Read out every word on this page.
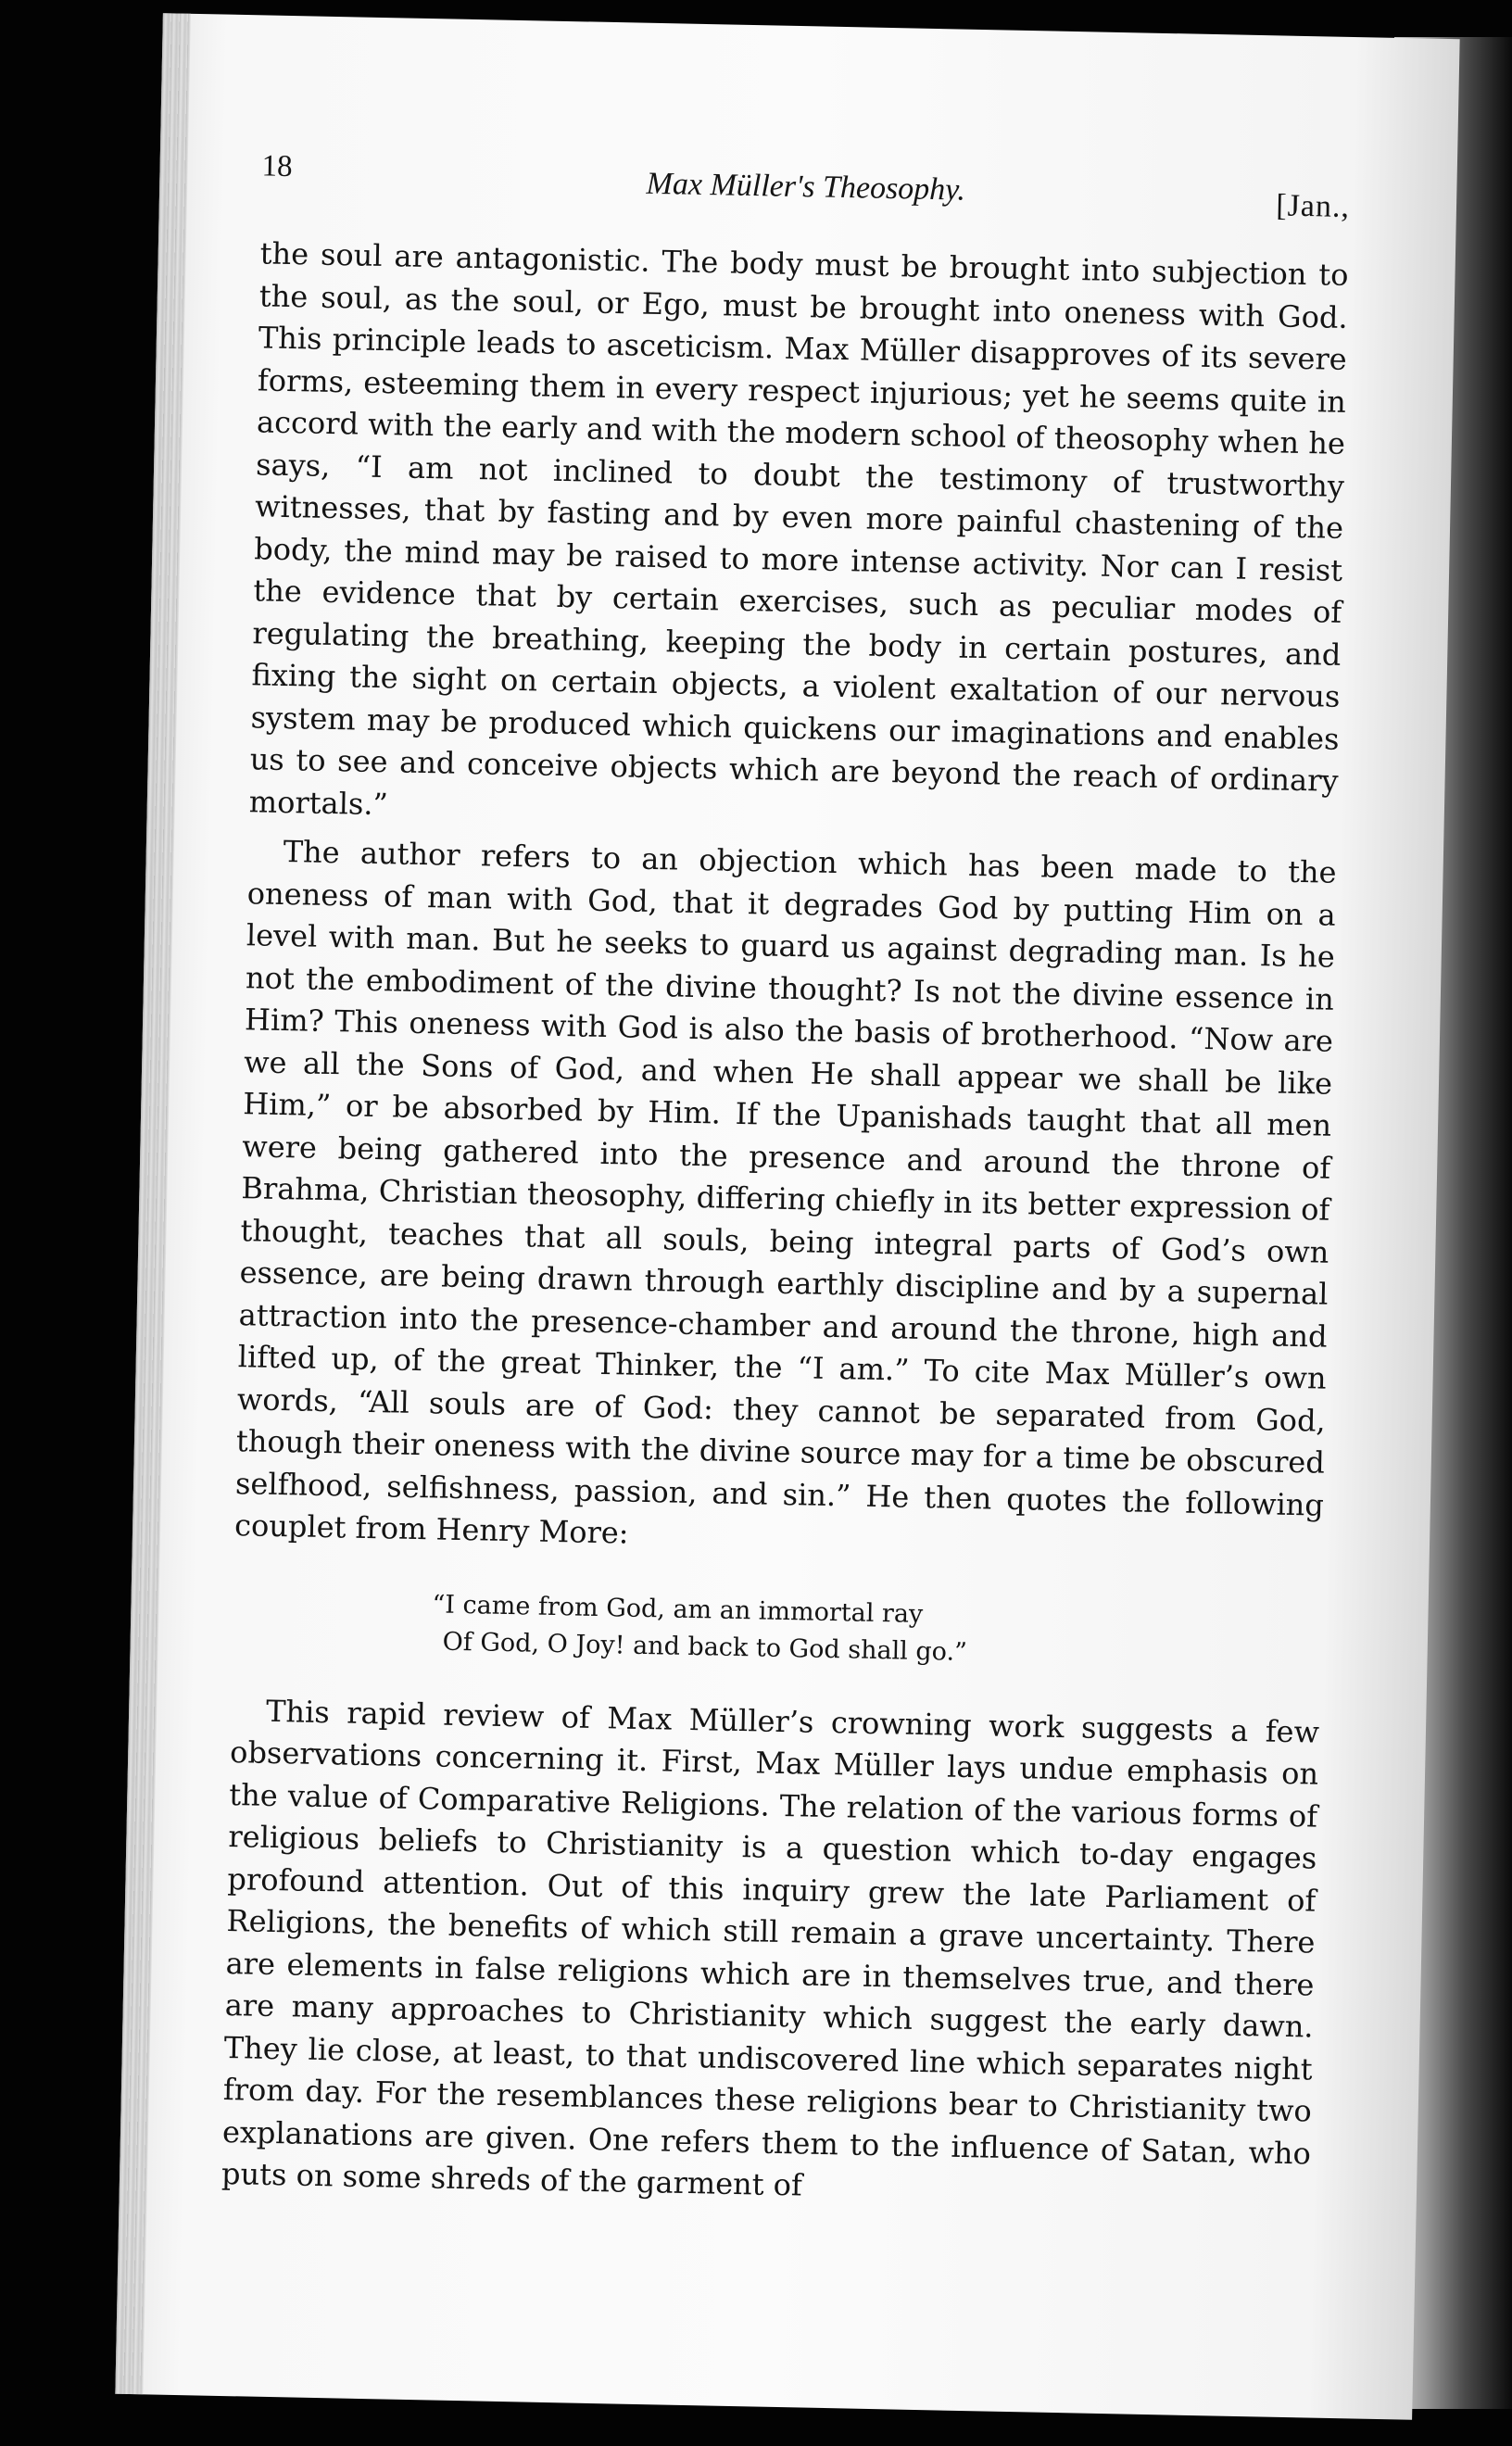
18
Max Müller's Theosophy.	[Jan.,

the soul are antagonistic. The body must be brought into subjection to the soul, as the soul, or Ego, must be brought into oneness with God. This principle leads to asceticism. Max Müller disapproves of its severe forms, esteeming them in every respect injurious; yet he seems quite in accord with the early and with the modern school of theosophy when he says, “I am not inclined to doubt the testimony of trustworthy witnesses, that by fasting and by even more painful chastening of the body, the mind may be raised to more intense activity. Nor can I resist the evidence that by certain exercises, such as peculiar modes of regulating the breathing, keeping the body in certain postures, and fixing the sight on certain objects, a violent exaltation of our nervous system may be produced which quickens our imaginations and enables us to see and conceive objects which are beyond the reach of ordinary mortals.”

The author refers to an objection which has been made to the oneness of man with God, that it degrades God by putting Him on a level with man. But he seeks to guard us against degrading man. Is he not the embodiment of the divine thought? Is not the divine essence in Him? This oneness with God is also the basis of brotherhood. “Now are we all the Sons of God, and when He shall appear we shall be like Him,” or be absorbed by Him. If the Upanishads taught that all men were being gathered into the presence and around the throne of Brahma, Christian theosophy, differing chiefly in its better expression of thought, teaches that all souls, being integral parts of God’s own essence, are being drawn through earthly discipline and by a supernal attraction into the presence-chamber and around the throne, high and lifted up, of the great Thinker, the “I am.” To cite Max Müller’s own words, “All souls are of God: they cannot be separated from God, though their oneness with the divine source may for a time be obscured selfhood, selfishness, passion, and sin.” He then quotes the following couplet from Henry More:

“I came from God, am an immortal ray
Of God, O Joy! and back to God shall go.”

This rapid review of Max Müller’s crowning work suggests a few observations concerning it. First, Max Müller lays undue emphasis on the value of Comparative Religions. The relation of the various forms of religious beliefs to Christianity is a question which to-day engages profound attention. Out of this inquiry grew the late Parliament of Religions, the benefits of which still remain a grave uncertainty. There are elements in false religions which are in themselves true, and there are many approaches to Christianity which suggest the early dawn. They lie close, at least, to that undiscovered line which separates night from day. For the resemblances these religions bear to Christianity two explanations are given. One refers them to the influence of Satan, who puts on some shreds of the garment of
